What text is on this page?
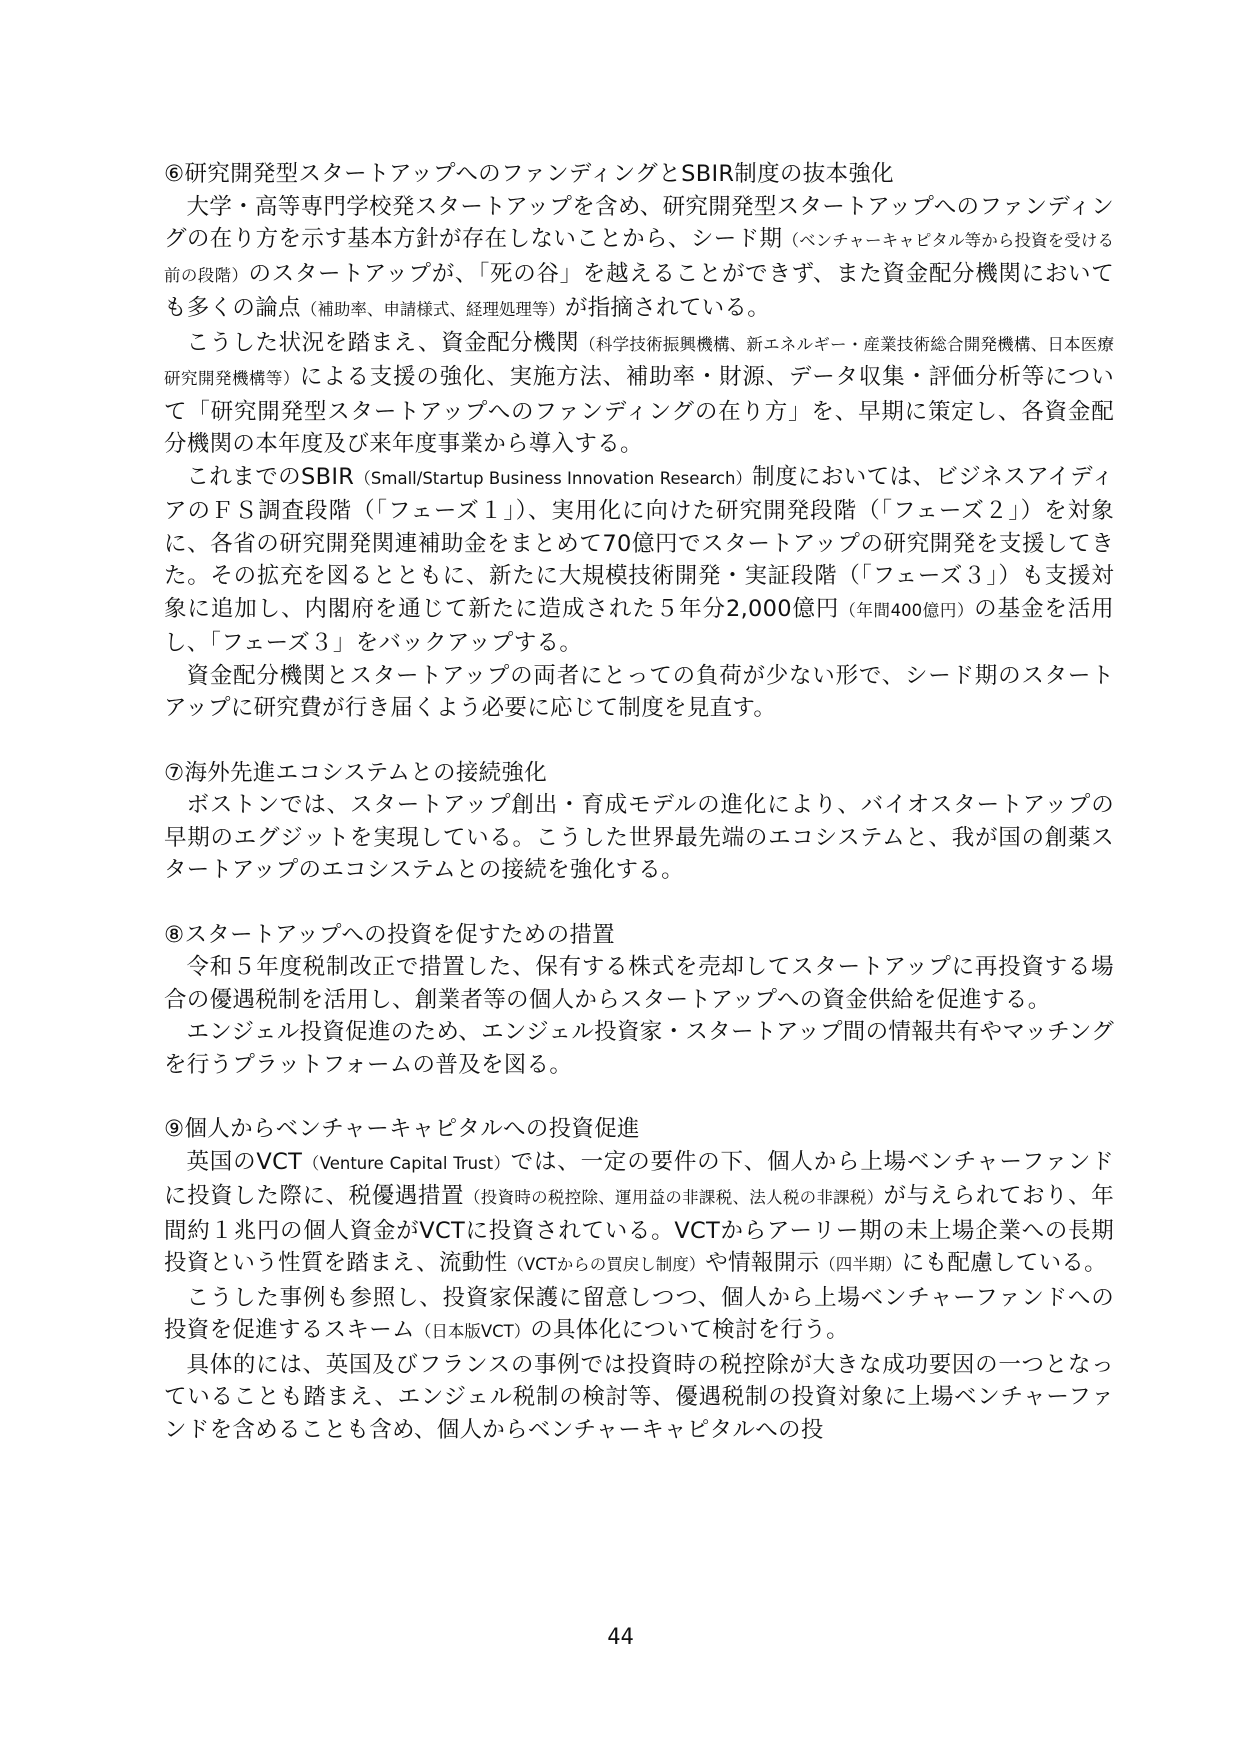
⑥研究開発型スタートアップへのファンディングとSBIR制度の抜本強化

大学・高等専門学校発スタートアップを含め、研究開発型スタートアップへのファンディングの在り方を示す基本方針が存在しないことから、シード期（ベンチャーキャピタル等から投資を受ける前の段階）のスタートアップが、「死の谷」を越えることができず、また資金配分機関においても多くの論点（補助率、申請様式、経理処理等）が指摘されている。

こうした状況を踏まえ、資金配分機関（科学技術振興機構、新エネルギー・産業技術総合開発機構、日本医療研究開発機構等）による支援の強化、実施方法、補助率・財源、データ収集・評価分析等について「研究開発型スタートアップへのファンディングの在り方」を、早期に策定し、各資金配分機関の本年度及び来年度事業から導入する。

これまでのSBIR（Small/Startup Business Innovation Research）制度においては、ビジネスアイディアのＦＳ調査段階（「フェーズ１」）、実用化に向けた研究開発段階（「フェーズ２」）を対象に、各省の研究開発関連補助金をまとめて70億円でスタートアップの研究開発を支援してきた。その拡充を図るとともに、新たに大規模技術開発・実証段階（「フェーズ３」）も支援対象に追加し、内閣府を通じて新たに造成された５年分2,000億円（年間400億円）の基金を活用し、「フェーズ３」をバックアップする。

資金配分機関とスタートアップの両者にとっての負荷が少ない形で、シード期のスタートアップに研究費が行き届くよう必要に応じて制度を見直す。

⑦海外先進エコシステムとの接続強化

ボストンでは、スタートアップ創出・育成モデルの進化により、バイオスタートアップの早期のエグジットを実現している。こうした世界最先端のエコシステムと、我が国の創薬スタートアップのエコシステムとの接続を強化する。

⑧スタートアップへの投資を促すための措置

令和５年度税制改正で措置した、保有する株式を売却してスタートアップに再投資する場合の優遇税制を活用し、創業者等の個人からスタートアップへの資金供給を促進する。

エンジェル投資促進のため、エンジェル投資家・スタートアップ間の情報共有やマッチングを行うプラットフォームの普及を図る。

⑨個人からベンチャーキャピタルへの投資促進

英国のVCT（Venture Capital Trust）では、一定の要件の下、個人から上場ベンチャーファンドに投資した際に、税優遇措置（投資時の税控除、運用益の非課税、法人税の非課税）が与えられており、年間約１兆円の個人資金がVCTに投資されている。VCTからアーリー期の未上場企業への長期投資という性質を踏まえ、流動性（VCTからの買戻し制度）や情報開示（四半期）にも配慮している。

こうした事例も参照し、投資家保護に留意しつつ、個人から上場ベンチャーファンドへの投資を促進するスキーム（日本版VCT）の具体化について検討を行う。

具体的には、英国及びフランスの事例では投資時の税控除が大きな成功要因の一つとなっていることも踏まえ、エンジェル税制の検討等、優遇税制の投資対象に上場ベンチャーファンドを含めることも含め、個人からベンチャーキャピタルへの投

44
